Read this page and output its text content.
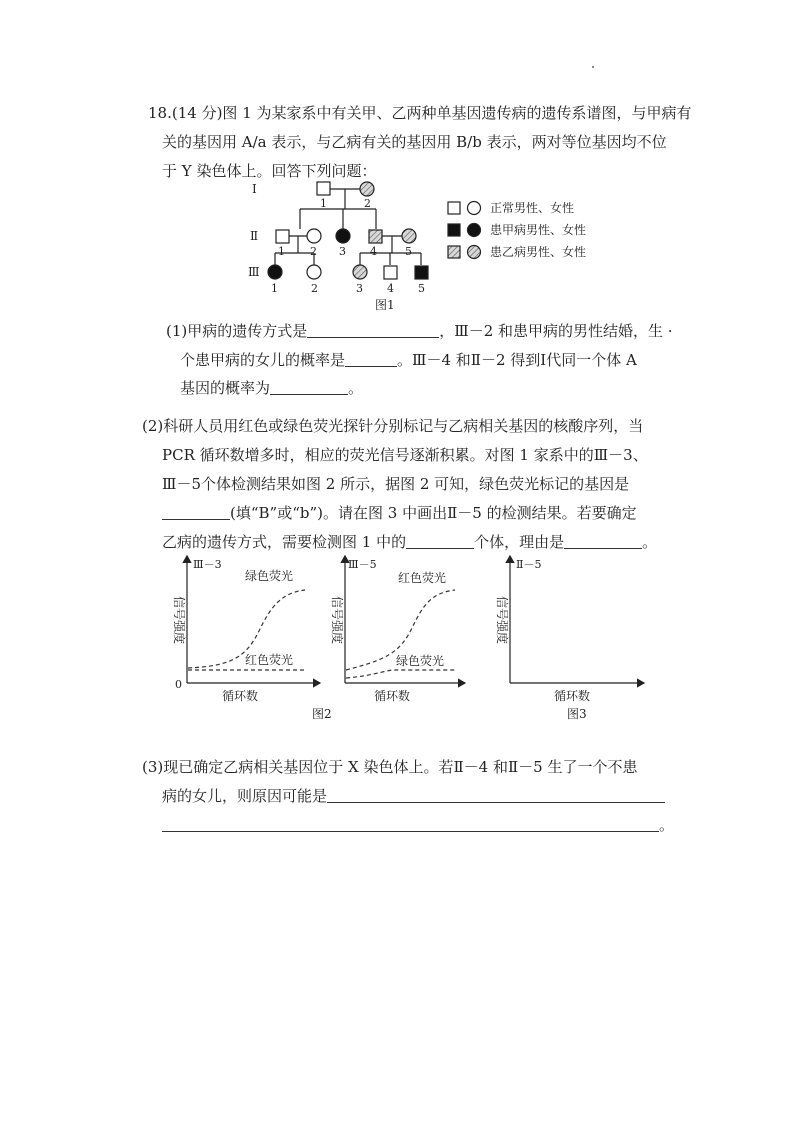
18.(14 分)图 1 为某家系中有关甲、乙两种单基因遗传病的遗传系谱图，与甲病有
关的基因用 A/a 表示，与乙病有关的基因用 B/b 表示，两对等位基因均不位
于 Y 染色体上。回答下列问题：
Ⅰ
Ⅱ
Ⅲ
1	2
1 2 3 4	5
1	2	3 4 5
图1
正常男性、女性
患甲病男性、女性
患乙病男性、女性
(1)甲病的遗传方式是	，Ⅲ－2 和患甲病的男性结婚，生 ·
个患甲病的女儿的概率是	。Ⅲ－4 和Ⅱ－2 得到Ⅰ代同一个体 A
基因的概率为	。
(2)科研人员用红色或绿色荧光探针分别标记与乙病相关基因的核酸序列，当
PCR 循环数增多时，相应的荧光信号逐渐积累。对图 1 家系中的Ⅲ－3、
Ⅲ－5个体检测结果如图 2 所示，据图 2 可知，绿色荧光标记的基因是
(填“B”或“b”)。请在图 3 中画出Ⅱ－5 的检测结果。若要确定
乙病的遗传方式，需要检测图 1 中的	个体，理由是	。
Ⅲ－3
绿色荧光
红色荧光
0
循环数
信号强度
Ⅲ－5
红色荧光
绿色荧光
循环数
信号强度
图2
Ⅱ－5
循环数
信号强度
图3
(3)现已确定乙病相关基因位于 X 染色体上。若Ⅱ－4 和Ⅱ－5 生了一个不患
病的女儿，则原因可能是
。
